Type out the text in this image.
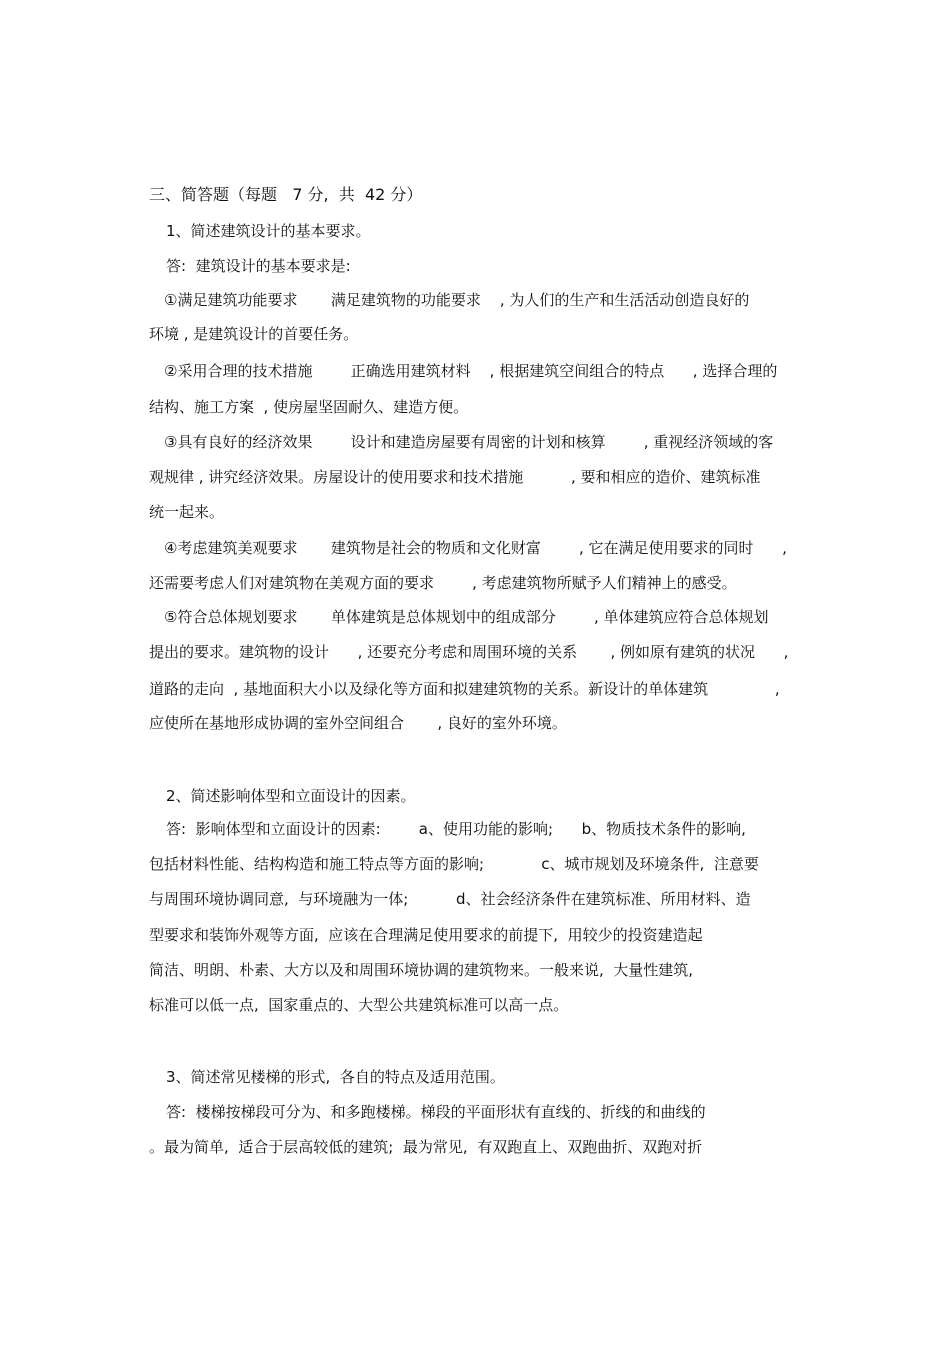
三、简答题（每题   7 分,  共  42 分）
1、简述建筑设计的基本要求。
答:  建筑设计的基本要求是:
①满足建筑功能要求       满足建筑物的功能要求    , 为人们的生产和生活活动创造良好的
环境 , 是建筑设计的首要任务。
②采用合理的技术措施        正确选用建筑材料    , 根据建筑空间组合的特点      , 选择合理的
结构、施工方案  , 使房屋坚固耐久、建造方便。
③具有良好的经济效果        设计和建造房屋要有周密的计划和核算        , 重视经济领域的客
观规律 , 讲究经济效果。房屋设计的使用要求和技术措施          , 要和相应的造价、建筑标准
统一起来。
④考虑建筑美观要求       建筑物是社会的物质和文化财富        , 它在满足使用要求的同时      ,
还需要考虑人们对建筑物在美观方面的要求        , 考虑建筑物所赋予人们精神上的感受。
⑤符合总体规划要求       单体建筑是总体规划中的组成部分        , 单体建筑应符合总体规划
提出的要求。建筑物的设计      , 还要充分考虑和周围环境的关系       , 例如原有建筑的状况      ,
道路的走向  , 基地面积大小以及绿化等方面和拟建建筑物的关系。新设计的单体建筑              ,
应使所在基地形成协调的室外空间组合       , 良好的室外环境。
2、简述影响体型和立面设计的因素。
答:  影响体型和立面设计的因素:        a、使用功能的影响;      b、物质技术条件的影响,
包括材料性能、结构构造和施工特点等方面的影响;            c、城市规划及环境条件,  注意要
与周围环境协调同意,  与环境融为一体;          d、社会经济条件在建筑标准、所用材料、造
型要求和装饰外观等方面,  应该在合理满足使用要求的前提下,  用较少的投资建造起
简洁、明朗、朴素、大方以及和周围环境协调的建筑物来。一般来说,  大量性建筑,
标准可以低一点,  国家重点的、大型公共建筑标准可以高一点。
3、简述常见楼梯的形式,  各自的特点及适用范围。
答:  楼梯按梯段可分为、和多跑楼梯。梯段的平面形状有直线的、折线的和曲线的
。最为简单,  适合于层高较低的建筑;  最为常见,  有双跑直上、双跑曲折、双跑对折
